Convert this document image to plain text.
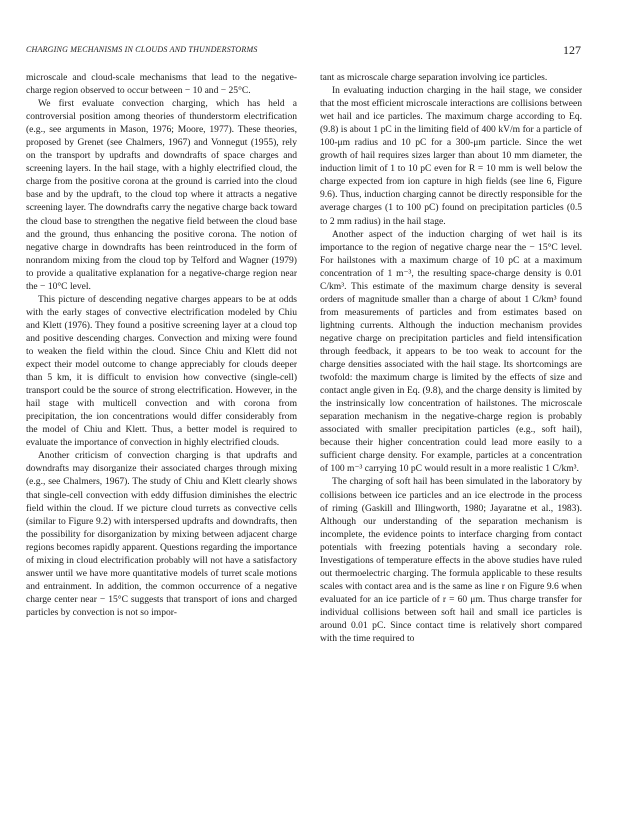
CHARGING MECHANISMS IN CLOUDS AND THUNDERSTORMS	127

microscale and cloud-scale mechanisms that lead to the negative-charge region observed to occur between − 10 and − 25°C.

We first evaluate convection charging, which has held a controversial position among theories of thunderstorm electrification (e.g., see arguments in Mason, 1976; Moore, 1977). These theories, proposed by Grenet (see Chalmers, 1967) and Vonnegut (1955), rely on the transport by updrafts and downdrafts of space charges and screening layers. In the hail stage, with a highly electrified cloud, the charge from the positive corona at the ground is carried into the cloud base and by the updraft, to the cloud top where it attracts a negative screening layer. The downdrafts carry the negative charge back toward the cloud base to strengthen the negative field between the cloud base and the ground, thus enhancing the positive corona. The notion of negative charge in downdrafts has been reintroduced in the form of nonrandom mixing from the cloud top by Telford and Wagner (1979) to provide a qualitative explanation for a negative-charge region near the − 10°C level.

This picture of descending negative charges appears to be at odds with the early stages of convective electrification modeled by Chiu and Klett (1976). They found a positive screening layer at a cloud top and positive descending charges. Convection and mixing were found to weaken the field within the cloud. Since Chiu and Klett did not expect their model outcome to change appreciably for clouds deeper than 5 km, it is difficult to envision how convective (single-cell) transport could be the source of strong electrification. However, in the hail stage with multicell convection and with corona from precipitation, the ion concentrations would differ considerably from the model of Chiu and Klett. Thus, a better model is required to evaluate the importance of convection in highly electrified clouds.

Another criticism of convection charging is that updrafts and downdrafts may disorganize their associated charges through mixing (e.g., see Chalmers, 1967). The study of Chiu and Klett clearly shows that single-cell convection with eddy diffusion diminishes the electric field within the cloud. If we picture cloud turrets as convective cells (similar to Figure 9.2) with interspersed updrafts and downdrafts, then the possibility for disorganization by mixing between adjacent charge regions becomes rapidly apparent. Questions regarding the importance of mixing in cloud electrification probably will not have a satisfactory answer until we have more quantitative models of turret scale motions and entrainment. In addition, the common occurrence of a negative charge center near − 15°C suggests that transport of ions and charged particles by convection is not so impor-

tant as microscale charge separation involving ice particles.

In evaluating induction charging in the hail stage, we consider that the most efficient microscale interactions are collisions between wet hail and ice particles. The maximum charge according to Eq. (9.8) is about 1 pC in the limiting field of 400 kV/m for a particle of 100-μm radius and 10 pC for a 300-μm particle. Since the wet growth of hail requires sizes larger than about 10 mm diameter, the induction limit of 1 to 10 pC even for R = 10 mm is well below the charge expected from ion capture in high fields (see line 6, Figure 9.6). Thus, induction charging cannot be directly responsible for the average charges (1 to 100 pC) found on precipitation particles (0.5 to 2 mm radius) in the hail stage.

Another aspect of the induction charging of wet hail is its importance to the region of negative charge near the − 15°C level. For hailstones with a maximum charge of 10 pC at a maximum concentration of 1 m⁻³, the resulting space-charge density is 0.01 C/km³. This estimate of the maximum charge density is several orders of magnitude smaller than a charge of about 1 C/km³ found from measurements of particles and from estimates based on lightning currents. Although the induction mechanism provides negative charge on precipitation particles and field intensification through feedback, it appears to be too weak to account for the charge densities associated with the hail stage. Its shortcomings are twofold: the maximum charge is limited by the effects of size and contact angle given in Eq. (9.8), and the charge density is limited by the instrinsically low concentration of hailstones. The microscale separation mechanism in the negative-charge region is probably associated with smaller precipitation particles (e.g., soft hail), because their higher concentration could lead more easily to a sufficient charge density. For example, particles at a concentration of 100 m⁻³ carrying 10 pC would result in a more realistic 1 C/km³.

The charging of soft hail has been simulated in the laboratory by collisions between ice particles and an ice electrode in the process of riming (Gaskill and Illingworth, 1980; Jayaratne et al., 1983). Although our understanding of the separation mechanism is incomplete, the evidence points to interface charging from contact potentials with freezing potentials having a secondary role. Investigations of temperature effects in the above studies have ruled out thermoelectric charging. The formula applicable to these results scales with contact area and is the same as line r on Figure 9.6 when evaluated for an ice particle of r = 60 μm. Thus charge transfer for individual collisions between soft hail and small ice particles is around 0.01 pC. Since contact time is relatively short compared with the time required to
